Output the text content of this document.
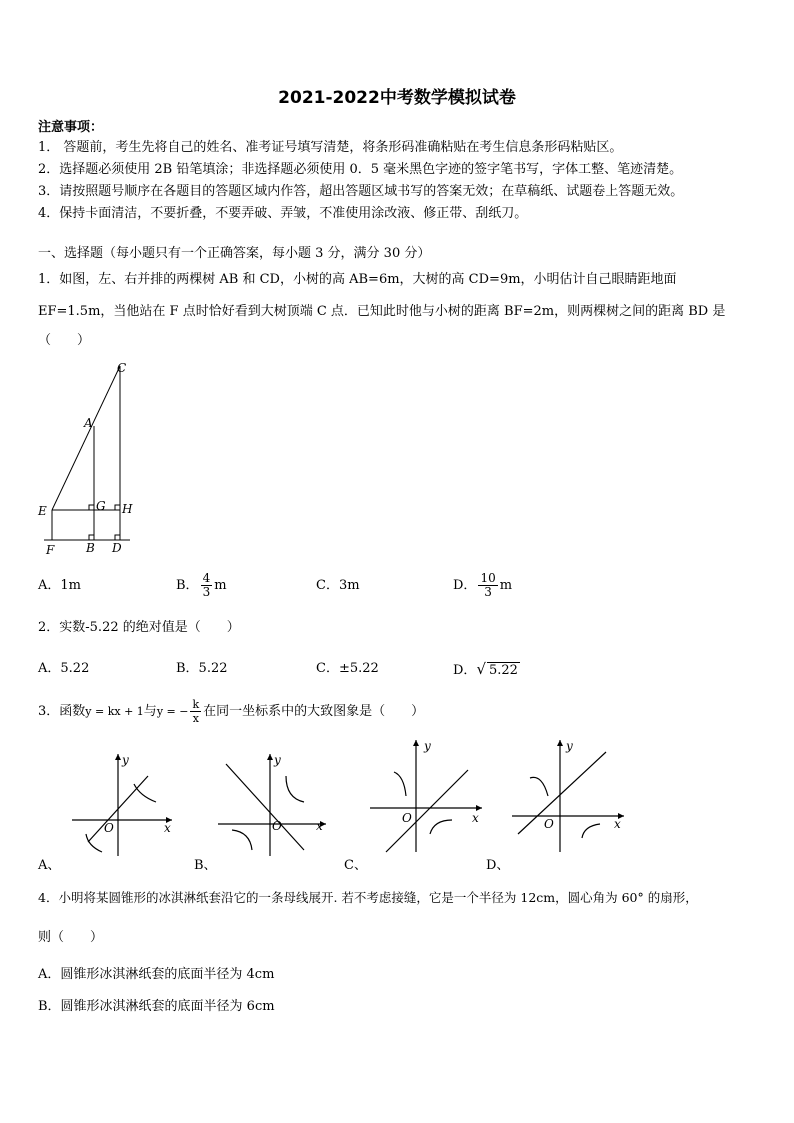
2021-2022中考数学模拟试卷
注意事项：
1． 答题前，考生先将自己的姓名、准考证号填写清楚，将条形码准确粘贴在考生信息条形码粘贴区。
2．选择题必须使用 2B 铅笔填涂；非选择题必须使用 0．5 毫米黑色字迹的签字笔书写，字体工整、笔迹清楚。
3．请按照题号顺序在各题目的答题区域内作答，超出答题区域书写的答案无效；在草稿纸、试题卷上答题无效。
4．保持卡面清洁，不要折叠，不要弄破、弄皱，不准使用涂改液、修正带、刮纸刀。
一、选择题（每小题只有一个正确答案，每小题 3 分，满分 30 分）
1．如图，左、右并排的两棵树 AB 和 CD，小树的高 AB=6m，大树的高 CD=9m，小明估计自己眼睛距地面
EF=1.5m，当他站在 F 点时恰好看到大树顶端 C 点．已知此时他与小树的距离 BF=2m，则两棵树之间的距离 BD 是
（　　）
C
A
E	G H
F	B D
A．1m	B． $\frac{4}{3}$ m	C．3m	D． $\frac{10}{3}$ m
2．实数-5.22 的绝对值是（　　）
A．5.22	B．5.22	C．±5.22	D．√ 5.22
3．函数y = kx + 1与y = − $\frac{k}{x}$ 在同一坐标系中的大致图象是（　　）
y
x
O
y
x
O
y
x
O
y
x
O
A、	B、	C、	D、
4．小明将某圆锥形的冰淇淋纸套沿它的一条母线展开. 若不考虑接缝，它是一个半径为 12cm，圆心角为 60° 的扇形，
则（　　）
A．圆锥形冰淇淋纸套的底面半径为 4cm
B．圆锥形冰淇淋纸套的底面半径为 6cm
